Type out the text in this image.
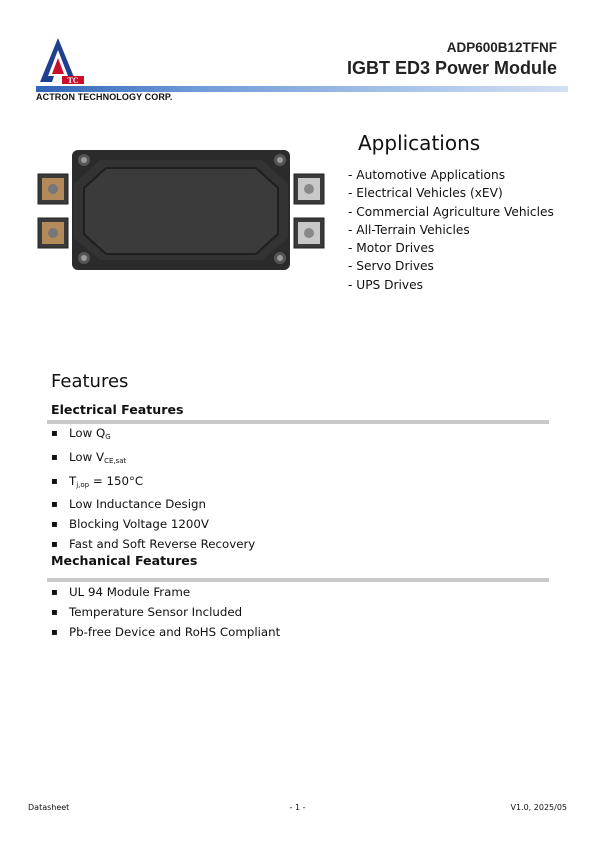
TC
ACTRON TECHNOLOGY CORP.
ADP600B12TFNF
IGBT ED3 Power Module
Applications
- Automotive Applications
- Electrical Vehicles (xEV)
- Commercial Agriculture Vehicles
- All-Terrain Vehicles
- Motor Drives
- Servo Drives
- UPS Drives
Features
Electrical Features
▪ Low $Q_G$
▪ Low $V_{CE,sat}$
▪ $T_{j,op} = 150^\circ C$
▪ Low Inductance Design
▪ Blocking Voltage 1200V
▪ Fast and Soft Reverse Recovery
Mechanical Features
▪ UL 94 Module Frame
▪ Temperature Sensor Included
▪ Pb-free Device and RoHS Compliant
Datasheet	- 1 -	V1.0, 2025/05
